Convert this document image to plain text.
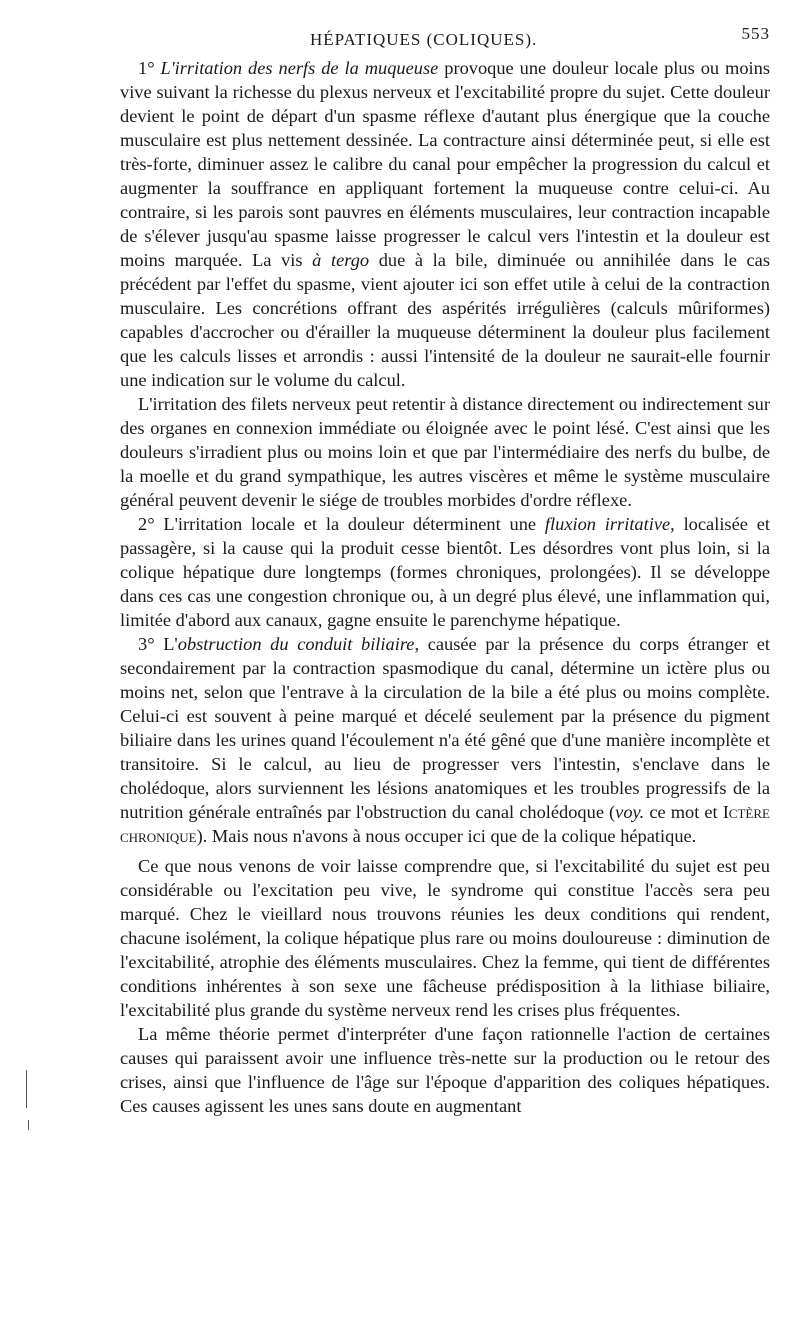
HÉPATIQUES (COLIQUES).	553

1° L'irritation des nerfs de la muqueuse provoque une douleur locale plus ou moins vive suivant la richesse du plexus nerveux et l'excitabilité propre du sujet. Cette douleur devient le point de départ d'un spasme réflexe d'autant plus énergique que la couche musculaire est plus nettement dessinée. La contracture ainsi déterminée peut, si elle est très-forte, diminuer assez le calibre du canal pour empêcher la progression du calcul et augmenter la souffrance en appliquant fortement la muqueuse contre celui-ci. Au contraire, si les parois sont pauvres en éléments musculaires, leur contraction incapable de s'élever jusqu'au spasme laisse progresser le calcul vers l'intestin et la douleur est moins marquée. La vis à tergo due à la bile, diminuée ou annihilée dans le cas précédent par l'effet du spasme, vient ajouter ici son effet utile à celui de la contraction musculaire. Les concrétions offrant des aspérités irrégulières (calculs mûriformes) capables d'accrocher ou d'érailler la muqueuse déterminent la douleur plus facilement que les calculs lisses et arrondis : aussi l'intensité de la douleur ne saurait-elle fournir une indication sur le volume du calcul.

L'irritation des filets nerveux peut retentir à distance directement ou indirectement sur des organes en connexion immédiate ou éloignée avec le point lésé. C'est ainsi que les douleurs s'irradient plus ou moins loin et que par l'intermédiaire des nerfs du bulbe, de la moelle et du grand sympathique, les autres viscères et même le système musculaire général peuvent devenir le siége de troubles morbides d'ordre réflexe.

2° L'irritation locale et la douleur déterminent une fluxion irritative, localisée et passagère, si la cause qui la produit cesse bientôt. Les désordres vont plus loin, si la colique hépatique dure longtemps (formes chroniques, prolongées). Il se développe dans ces cas une congestion chronique ou, à un degré plus élevé, une inflammation qui, limitée d'abord aux canaux, gagne ensuite le parenchyme hépatique.

3° L'obstruction du conduit biliaire, causée par la présence du corps étranger et secondairement par la contraction spasmodique du canal, détermine un ictère plus ou moins net, selon que l'entrave à la circulation de la bile a été plus ou moins complète. Celui-ci est souvent à peine marqué et décelé seulement par la présence du pigment biliaire dans les urines quand l'écoulement n'a été gêné que d'une manière incomplète et transitoire. Si le calcul, au lieu de progresser vers l'intestin, s'enclave dans le cholédoque, alors surviennent les lésions anatomiques et les troubles progressifs de la nutrition générale entraînés par l'obstruction du canal cholédoque (voy. ce mot et Ictère chronique). Mais nous n'avons à nous occuper ici que de la colique hépatique.

Ce que nous venons de voir laisse comprendre que, si l'excitabilité du sujet est peu considérable ou l'excitation peu vive, le syndrome qui constitue l'accès sera peu marqué. Chez le vieillard nous trouvons réunies les deux conditions qui rendent, chacune isolément, la colique hépatique plus rare ou moins douloureuse : diminution de l'excitabilité, atrophie des éléments musculaires. Chez la femme, qui tient de différentes conditions inhérentes à son sexe une fâcheuse prédisposition à la lithiase biliaire, l'excitabilité plus grande du système nerveux rend les crises plus fréquentes.

La même théorie permet d'interpréter d'une façon rationnelle l'action de certaines causes qui paraissent avoir une influence très-nette sur la production ou le retour des crises, ainsi que l'influence de l'âge sur l'époque d'apparition des coliques hépatiques. Ces causes agissent les unes sans doute en augmentant
